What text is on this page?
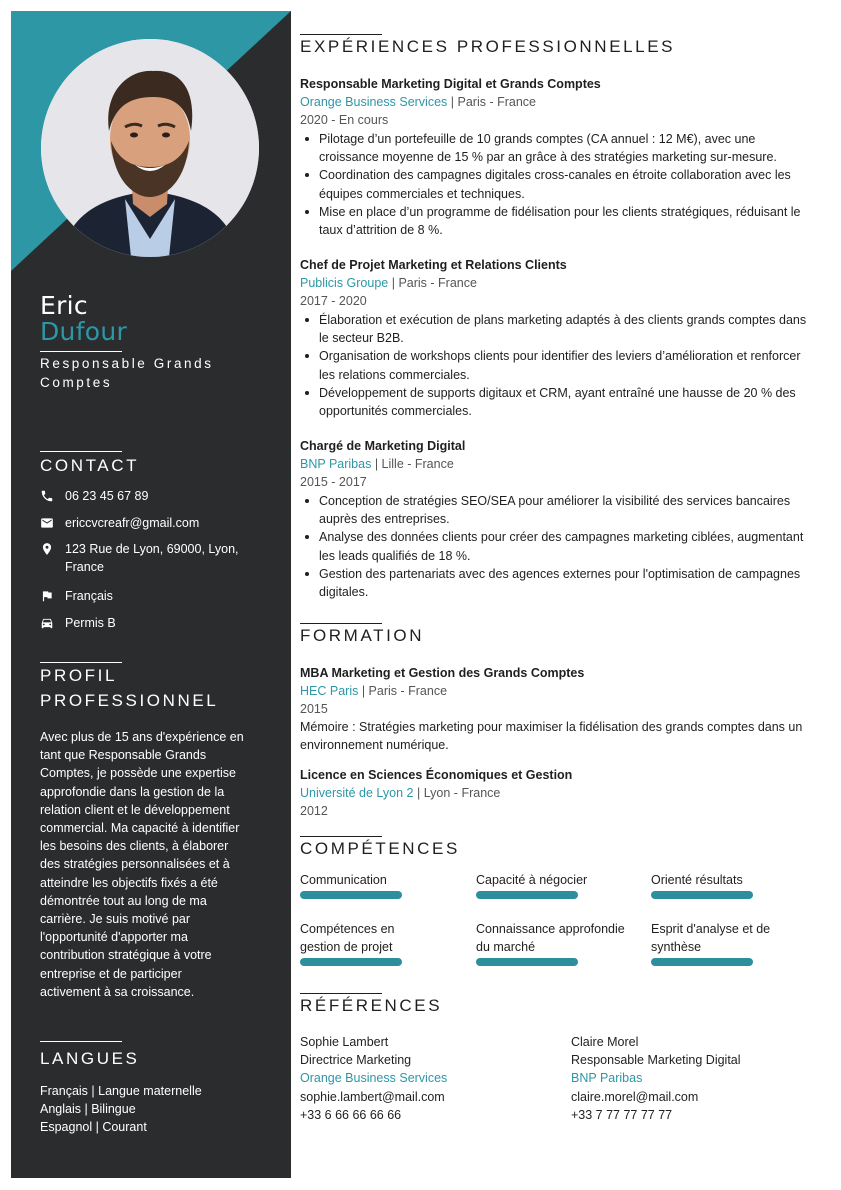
Eric
Dufour
Responsable Grands Comptes
CONTACT
06 23 45 67 89
ericcvcreafr@gmail.com
123 Rue de Lyon, 69000, Lyon, France
Français
Permis B
PROFIL PROFESSIONNEL
Avec plus de 15 ans d'expérience en tant que Responsable Grands Comptes, je possède une expertise approfondie dans la gestion de la relation client et le développement commercial. Ma capacité à identifier les besoins des clients, à élaborer des stratégies personnalisées et à atteindre les objectifs fixés a été démontrée tout au long de ma carrière. Je suis motivé par l'opportunité d'apporter ma contribution stratégique à votre entreprise et de participer activement à sa croissance.
LANGUES
Français | Langue maternelle
Anglais | Bilingue
Espagnol | Courant
EXPÉRIENCES PROFESSIONNELLES
Responsable Marketing Digital et Grands Comptes
Orange Business Services | Paris - France
2020 - En cours
Pilotage d’un portefeuille de 10 grands comptes (CA annuel : 12 M€), avec une croissance moyenne de 15 % par an grâce à des stratégies marketing sur-mesure.
Coordination des campagnes digitales cross-canales en étroite collaboration avec les équipes commerciales et techniques.
Mise en place d’un programme de fidélisation pour les clients stratégiques, réduisant le taux d’attrition de 8 %.
Chef de Projet Marketing et Relations Clients
Publicis Groupe | Paris - France
2017 - 2020
Élaboration et exécution de plans marketing adaptés à des clients grands comptes dans le secteur B2B.
Organisation de workshops clients pour identifier des leviers d’amélioration et renforcer les relations commerciales.
Développement de supports digitaux et CRM, ayant entraîné une hausse de 20 % des opportunités commerciales.
Chargé de Marketing Digital
BNP Paribas | Lille - France
2015 - 2017
Conception de stratégies SEO/SEA pour améliorer la visibilité des services bancaires auprès des entreprises.
Analyse des données clients pour créer des campagnes marketing ciblées, augmentant les leads qualifiés de 18 %.
Gestion des partenariats avec des agences externes pour l'optimisation de campagnes digitales.
FORMATION
MBA Marketing et Gestion des Grands Comptes
HEC Paris | Paris - France
2015
Mémoire : Stratégies marketing pour maximiser la fidélisation des grands comptes dans un environnement numérique.
Licence en Sciences Économiques et Gestion
Université de Lyon 2 | Lyon - France
2012
COMPÉTENCES
Communication	Capacité à négocier	Orienté résultats
Compétences en gestion de projet
Connaissance approfondie du marché
Esprit d'analyse et de synthèse
RÉFÉRENCES
Sophie Lambert
Directrice Marketing
Orange Business Services
sophie.lambert@mail.com
+33 6 66 66 66 66
Claire Morel
Responsable Marketing Digital
BNP Paribas
claire.morel@mail.com
+33 7 77 77 77 77
